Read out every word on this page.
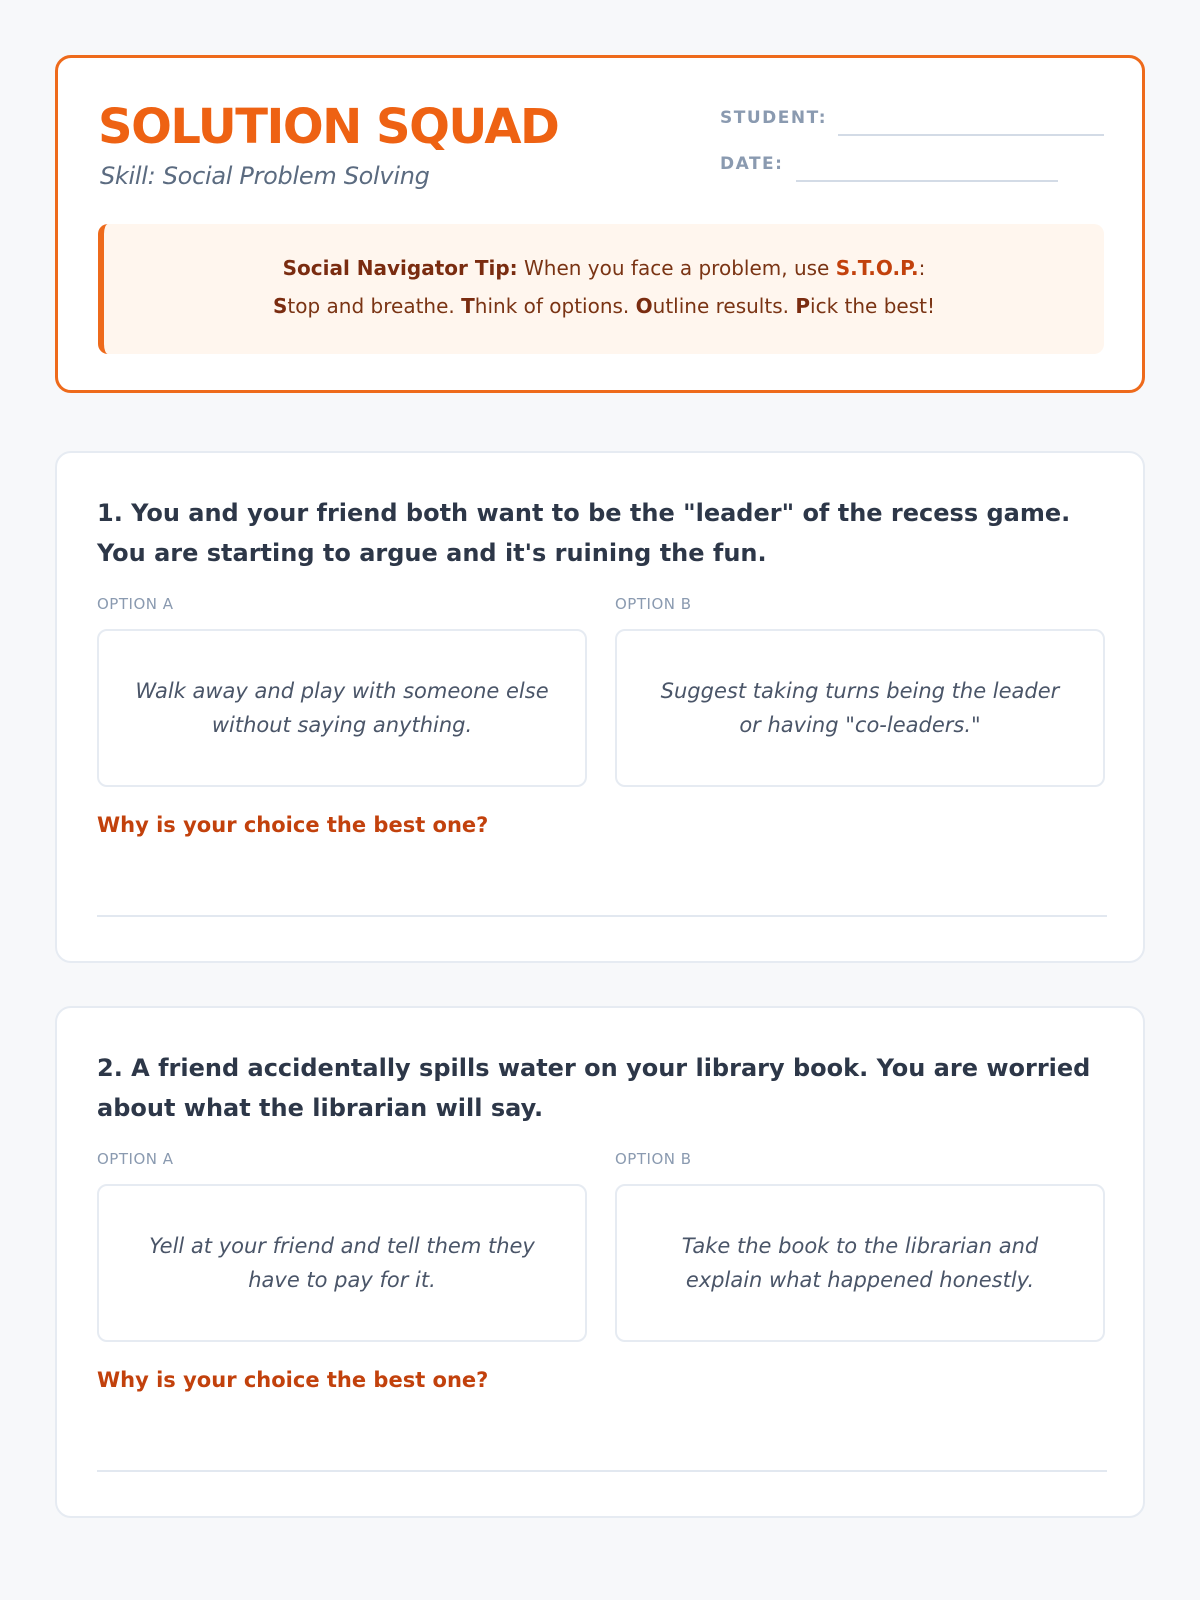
SOLUTION SQUAD
Skill: Social Problem Solving
STUDENT:
DATE:
Social Navigator Tip: When you face a problem, use S.T.O.P.:
Stop and breathe. Think of options. Outline results. Pick the best!

1. You and your friend both want to be the "leader" of the recess game. You are starting to argue and it's ruining the fun.

OPTION A	OPTION B
Walk away and play with someone else without saying anything.
Suggest taking turns being the leader or having "co-leaders."
Why is your choice the best one?

2. A friend accidentally spills water on your library book. You are worried about what the librarian will say.

OPTION A	OPTION B
Yell at your friend and tell them they have to pay for it.
Take the book to the librarian and explain what happened honestly.
Why is your choice the best one?
